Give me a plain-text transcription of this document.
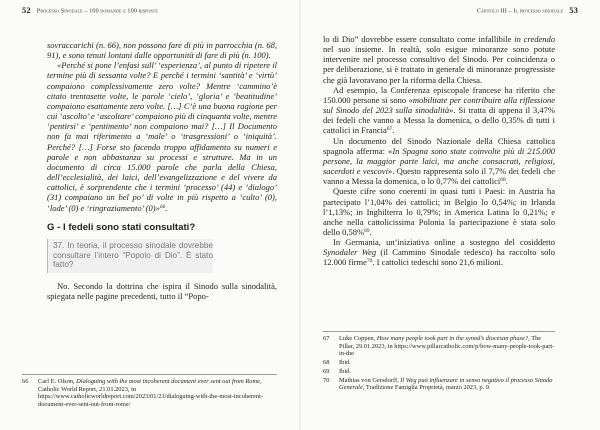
52 Processo Sinodale – 100 domande e 100 risposte

sovraccarichi (n. 66), non possono fare di più in parrocchia (n. 68, 91), e sono tenuti lontani dalle opportunità di fare di più (n. 100).

«Perché si pone l’enfasi sull’ ‘esperienza’, al punto di ripetere il termine più di sessanta volte? E perché i termini ‘santità’ e ‘virtù’ compaiono complessivamente zero volte? Mentre ‘cammino’è citato trentasette volte, le parole ‘cielo’, ‘gloria’ e ‘beatitudine’ compaiono esattamente zero volte. […] C’è una buona ragione per cui ‘ascolto’ e ‘ascoltare’ compaiono più di cinquanta volte, mentre ‘pentirsi’ e ‘pentimento’ non compaiono mai? […] Il Documento non fa mai riferimento a ‘male’ o ‘trasgressioni’ o ‘iniquità’. Perché? […] Forse sto facendo troppo affidamento su numeri e parole e non abbastanza su processi e strutture. Ma in un documento di circa 15.000 parole che parla della Chiesa, dell’ecclesialità, dei laici, dell’evangelizzazione e del vivere da cattolici, è sorprendente che i termini ‘processo’ (44) e ‘dialogo’ (31) compaiano un bel po’ di volte in più rispetto a ‘culto’ (0), ‘lode’ (0) e ‘ringraziamento’ (0)»$^{66}$.

G - I fedeli sono stati consultati?
37. In teoria, il processo sinodale dovrebbe consultare l’intero “Popolo di Dio”. È stato fatto?

No. Secondo la dottrina che ispira il Sinodo sulla sinodalità, spiegata nelle pagine precedenti, tutto il “Popo-

66	Carl E. Olson, Dialoguing with the most incoherent document ever sent out from Rome, Catholic World Report, 21.01.2023, in https://www.catholicworldreport.com/2023/01/21/dialoguing-with-the-most-incoherent-document-ever-sent-out-from-rome/
Capitolo III – Il processo sinodale 53

lo di Dio” dovrebbe essere consultato come infallibile in credendo nel suo insieme. In realtà, solo esigue minoranze sono potute intervenire nel processo consultivo del Sinodo. Per coincidenza o per deliberazione, si è trattato in generale di minoranze progressiste che già lavoravano per la riforma della Chiesa.

Ad esempio, la Conferenza episcopale francese ha riferito che 150.000 persone si sono «mobilitate per contribuire alla riflessione sul Sinodo del 2023 sulla sinodalità». Si tratta di appena il 3,47% dei fedeli che vanno a Messa la domenica, o dello 0,35% di tutti i cattolici in Francia$^{67}$.

Un documento del Sinodo Nazionale della Chiesa cattolica spagnola afferma: «In Spagna sono state coinvolte più di 215.000 persone, la maggior parte laici, ma anche consacrati, religiosi, sacerdoti e vescovi». Questo rappresenta solo il 7,7% dei fedeli che vanno a Messa la domenica, o lo 0,77% dei cattolici$^{68}$.

Queste cifre sono coerenti in quasi tutti i Paesi: in Austria ha partecipato l’1,04% dei cattolici; in Belgio lo 0,54%; in Irlanda l’1,13%; in Inghilterra lo 0,79%; in America Latina lo 0,21%; e anche nella cattolicissima Polonia la partecipazione è stata solo dello 0,58%$^{69}$.

In Germania, un’iniziativa online a sostegno del cosiddetto Synodaler Weg (il Cammino Sinodale tedesco) ha raccolto solo 12.000 firme$^{70}$. I cattolici tedeschi sono 21,6 milioni.

67	Luke Coppen, How many people took part in the synod’s diocesan phase?, The Pillar, 29.01.2023, in https://www.pillarcatholic.com/p/how-many-people-took-part-in-the
68	Ibid.
69	Ibid.
70	Mathias von Gersdorff, Il Weg può influenzare in senso negativo il processo Sinodo Generale, Tradizione Famiglia Proprietà, marzo 2023, p. 9.
